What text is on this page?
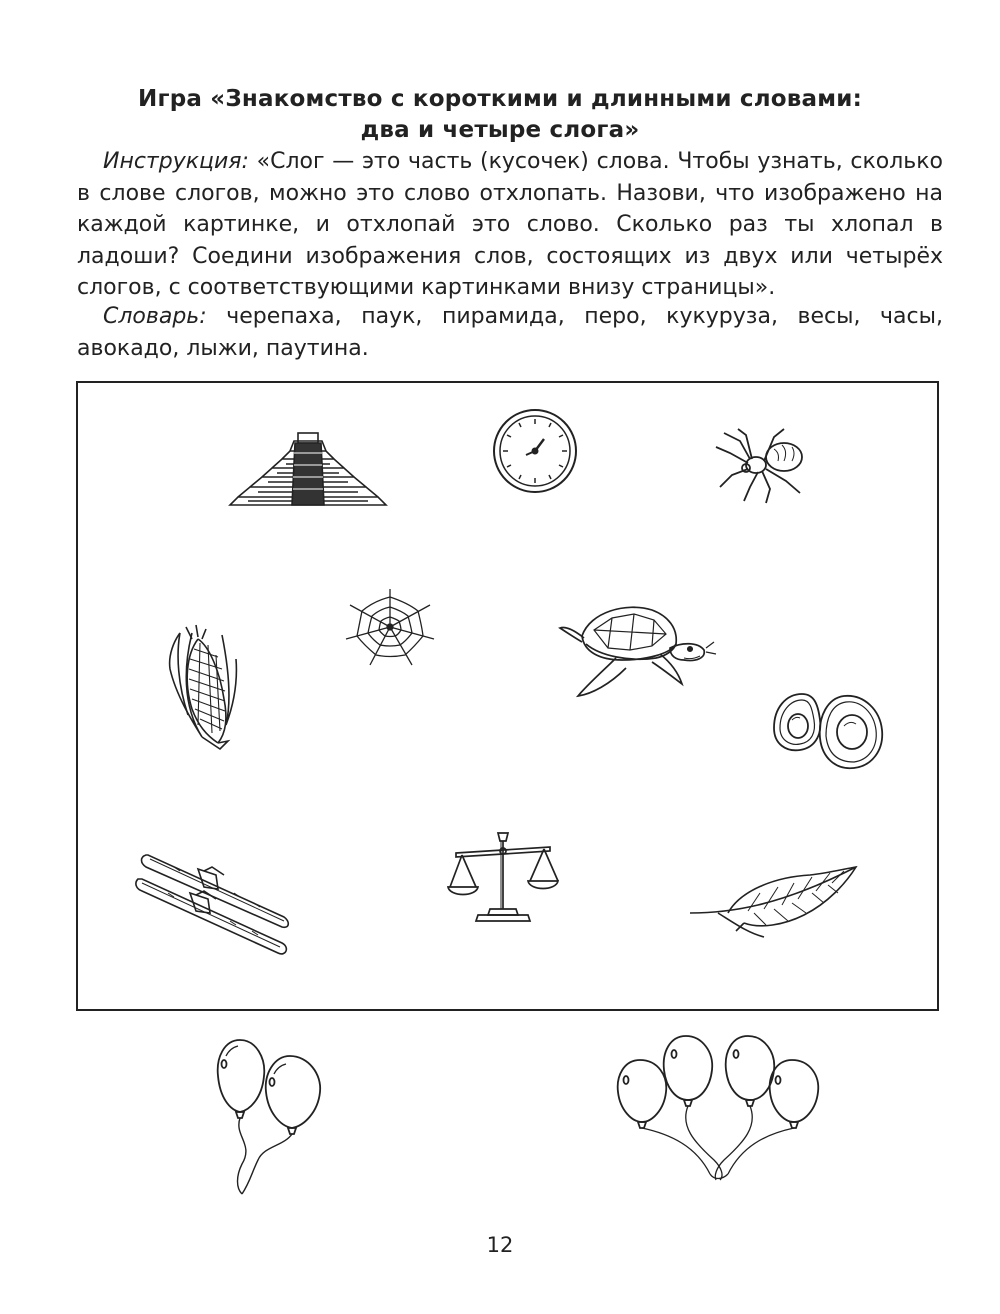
Игра «Знакомство с короткими и длинными словами:
два и четыре слога»
Инструкция: «Слог — это часть (кусочек) слова. Чтобы узнать, сколько в слове слогов, можно это слово отхлопать. Назови, что изображено на каждой картинке, и отхлопай это слово. Сколько раз ты хлопал в ладоши? Соедини изображения слов, состоящих из двух или четырёх слогов, с соответствующими картинками внизу страницы».
Словарь: черепаха, паук, пирамида, перо, кукуруза, весы, часы, авокадо, лыжи, паутина.
12
